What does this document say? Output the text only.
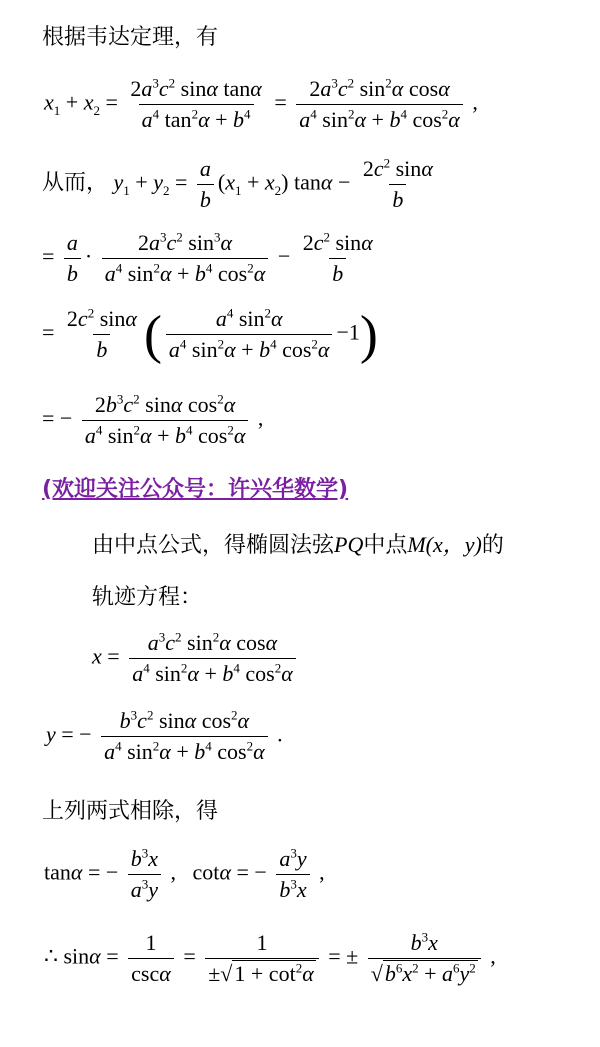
根据韦达定理，有
$x_1 + x_2 = \frac{2a^3c^2 \sin\alpha \tan\alpha}{a^4 \tan^2\alpha + b^4} = \frac{2a^3c^2 \sin^2\alpha \cos\alpha}{a^4 \sin^2\alpha + b^4 \cos^2\alpha}$ ,
从而， $y_1 + y_2 = \frac{a}{b} (x_1 + x_2) \tan\alpha - \frac{2c^2 \sin\alpha}{b}$
= $\frac{a}{b} \cdot \frac{2a^3c^2 \sin^3\alpha}{a^4 \sin^2\alpha + b^4 \cos^2\alpha} - \frac{2c^2 \sin\alpha}{b}$
= $\frac{2c^2 \sin\alpha}{b}$ ( $\frac{a^4 \sin^2\alpha}{a^4 \sin^2\alpha + b^4 \cos^2\alpha} -1$)
= − $\frac{2b^3c^2 \sin\alpha \cos^2\alpha}{a^4 \sin^2\alpha + b^4 \cos^2\alpha}$ ,
(欢迎关注公众号：许兴华数学)
由中点公式，得椭圆法弦PQ中点M(x，y)的
轨迹方程：
$x = \frac{a^3c^2 \sin^2\alpha \cos\alpha}{a^4 \sin^2\alpha + b^4 \cos^2\alpha}$
y = − $\frac{b^3c^2 \sin\alpha \cos^2\alpha}{a^4 \sin^2\alpha + b^4 \cos^2\alpha}$ .
上列两式相除，得
tanα = − $\frac{b^3x}{a^3y}$ ,   cotα = − $\frac{a^3y}{b^3x}$ ,
∴ $\sin\alpha = \frac{1}{\csc\alpha} = \frac{1}{\pm√1 + \cot^2\alpha}$ = ± $\frac{b^3x}{√b^6x^2 + a^6y^2}$ ,
